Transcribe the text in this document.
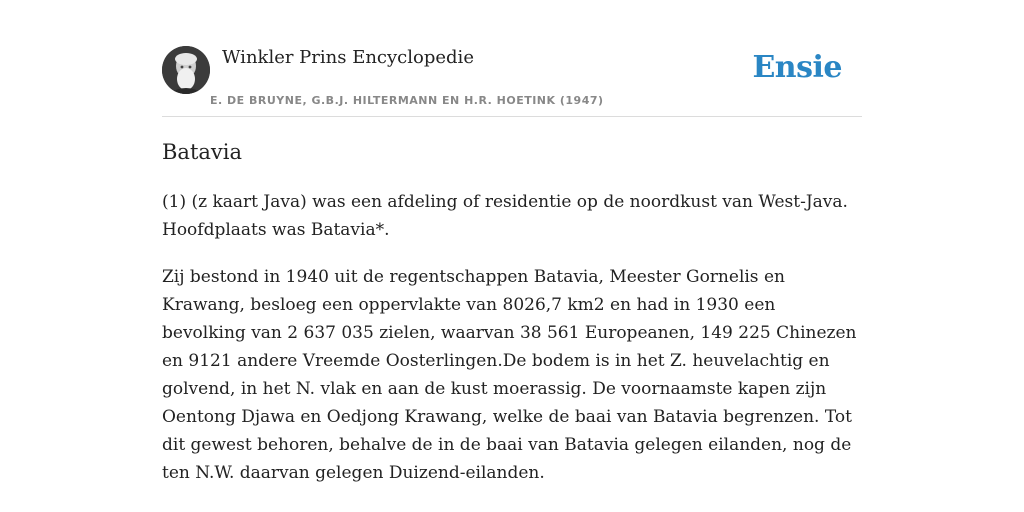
Winkler Prins Encyclopedie
E. DE BRUYNE, G.B.J. HILTERMANN EN H.R. HOETINK (1947)
Ensie
Batavia

(1) (z kaart Java) was een afdeling of residentie op de noordkust van West-Java. Hoofdplaats was Batavia*.

Zij bestond in 1940 uit de regentschappen Batavia, Meester Gornelis en Krawang, besloeg een oppervlakte van 8026,7 km2 en had in 1930 een bevolking van 2 637 035 zielen, waarvan 38 561 Europeanen, 149 225 Chinezen en 9121 andere Vreemde Oosterlingen.De bodem is in het Z. heuvelachtig en golvend, in het N. vlak en aan de kust moerassig. De voornaamste kapen zijn Oentong Djawa en Oedjong Krawang, welke de baai van Batavia begrenzen. Tot dit gewest behoren, behalve de in de baai van Batavia gelegen eilanden, nog de ten N.W. daarvan gelegen Duizend-eilanden.
